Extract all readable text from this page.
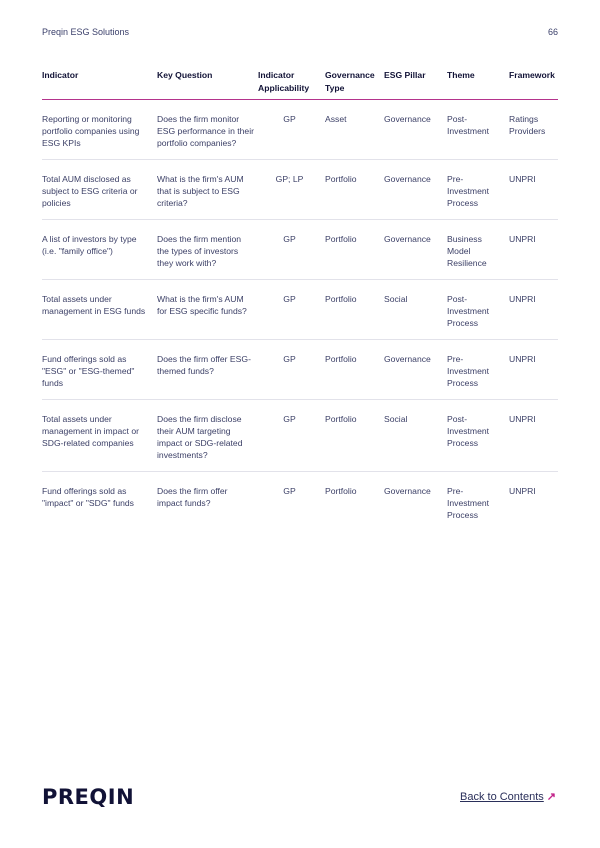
Preqin ESG Solutions	66
Indicator	Key Question	Indicator Applicability	Governance Type	ESG Pillar	Theme	Framework
Reporting or monitoring portfolio companies using ESG KPIs	Does the firm monitor ESG performance in their portfolio companies?	GP	Asset	Governance	Post-Investment	Ratings Providers
Total AUM disclosed as subject to ESG criteria or policies	What is the firm's AUM that is subject to ESG criteria?	GP; LP	Portfolio	Governance	Pre-Investment Process	UNPRI
A list of investors by type (i.e. "family office")	Does the firm mention the types of investors they work with?	GP	Portfolio	Governance	Business Model Resilience	UNPRI
Total assets under management in ESG funds	What is the firm's AUM for ESG specific funds?	GP	Portfolio	Social	Post-Investment Process	UNPRI
Fund offerings sold as "ESG" or "ESG-themed" funds	Does the firm offer ESG-themed funds?	GP	Portfolio	Governance	Pre-Investment Process	UNPRI
Total assets under management in impact or SDG-related companies	Does the firm disclose their AUM targeting impact or SDG-related investments?	GP	Portfolio	Social	Post-Investment Process	UNPRI
Fund offerings sold as "impact" or "SDG" funds	Does the firm offer impact funds?	GP	Portfolio	Governance	Pre-Investment Process	UNPRI
PREQIN	Back to Contents ↗
